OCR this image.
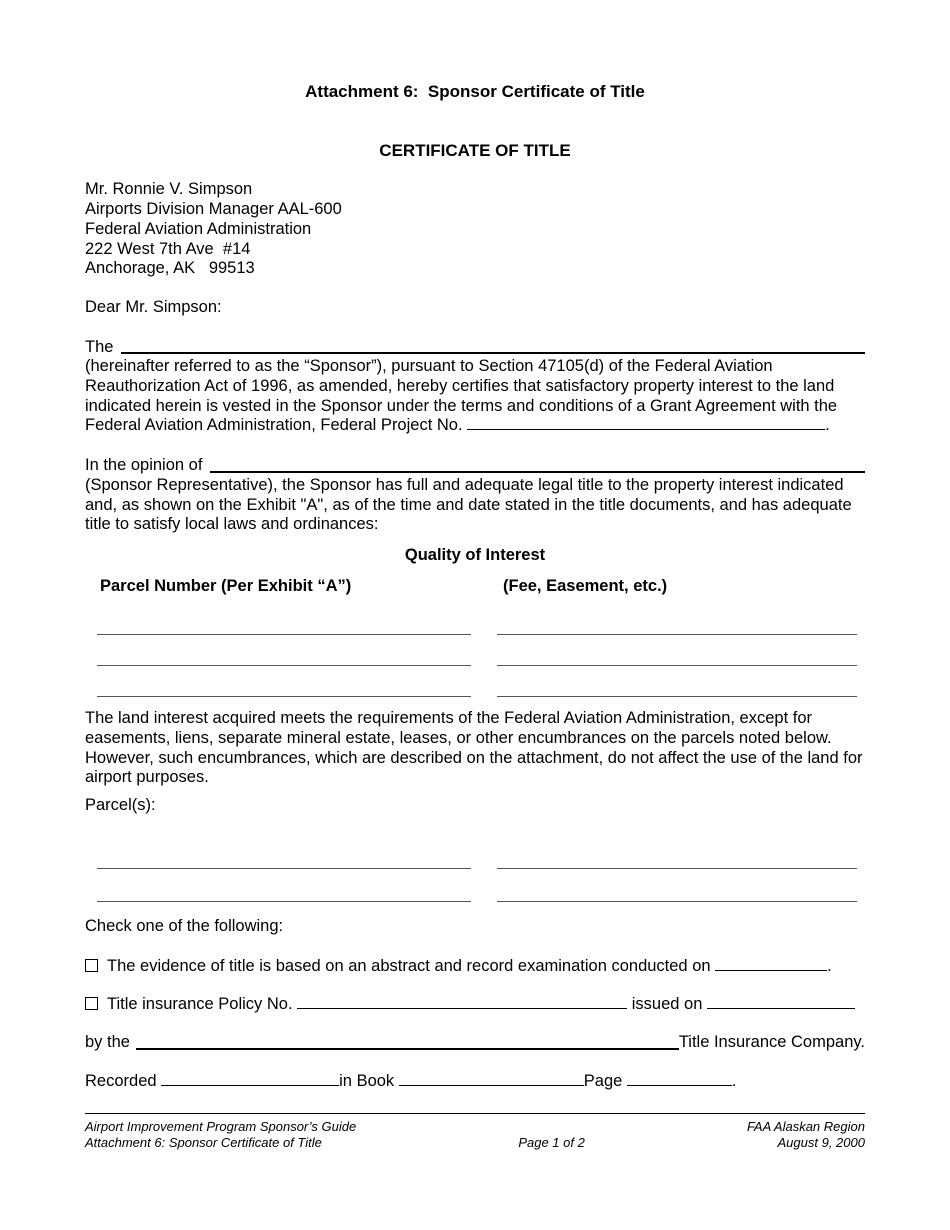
Attachment 6:  Sponsor Certificate of Title
CERTIFICATE OF TITLE
Mr. Ronnie V. Simpson
Airports Division Manager AAL-600
Federal Aviation Administration
222 West 7th Ave  #14
Anchorage, AK   99513
Dear Mr. Simpson:
The
(hereinafter referred to as the “Sponsor”), pursuant to Section 47105(d) of the Federal Aviation Reauthorization Act of 1996, as amended, hereby certifies that satisfactory property interest to the land indicated herein is vested in the Sponsor under the terms and conditions of a Grant Agreement with the Federal Aviation Administration, Federal Project No.	.
In the opinion of
(Sponsor Representative), the Sponsor has full and adequate legal title to the property interest indicated and, as shown on the Exhibit "A", as of the time and date stated in the title documents, and has adequate title to satisfy local laws and ordinances:
Quality of Interest
Parcel Number (Per Exhibit “A”)	(Fee, Easement, etc.)
The land interest acquired meets the requirements of the Federal Aviation Administration, except for easements, liens, separate mineral estate, leases, or other encumbrances on the parcels noted below. However, such encumbrances, which are described on the attachment, do not affect the use of the land for airport purposes.
Parcel(s):
Check one of the following:
The evidence of title is based on an abstract and record examination conducted on	.
Title insurance Policy No.	issued on
by the	Title Insurance Company.
Recorded	in Book	Page	.
Airport Improvement Program Sponsor’s Guide
Attachment 6: Sponsor Certificate of Title
	Page 1 of 2
FAA Alaskan Region
August 9, 2000
